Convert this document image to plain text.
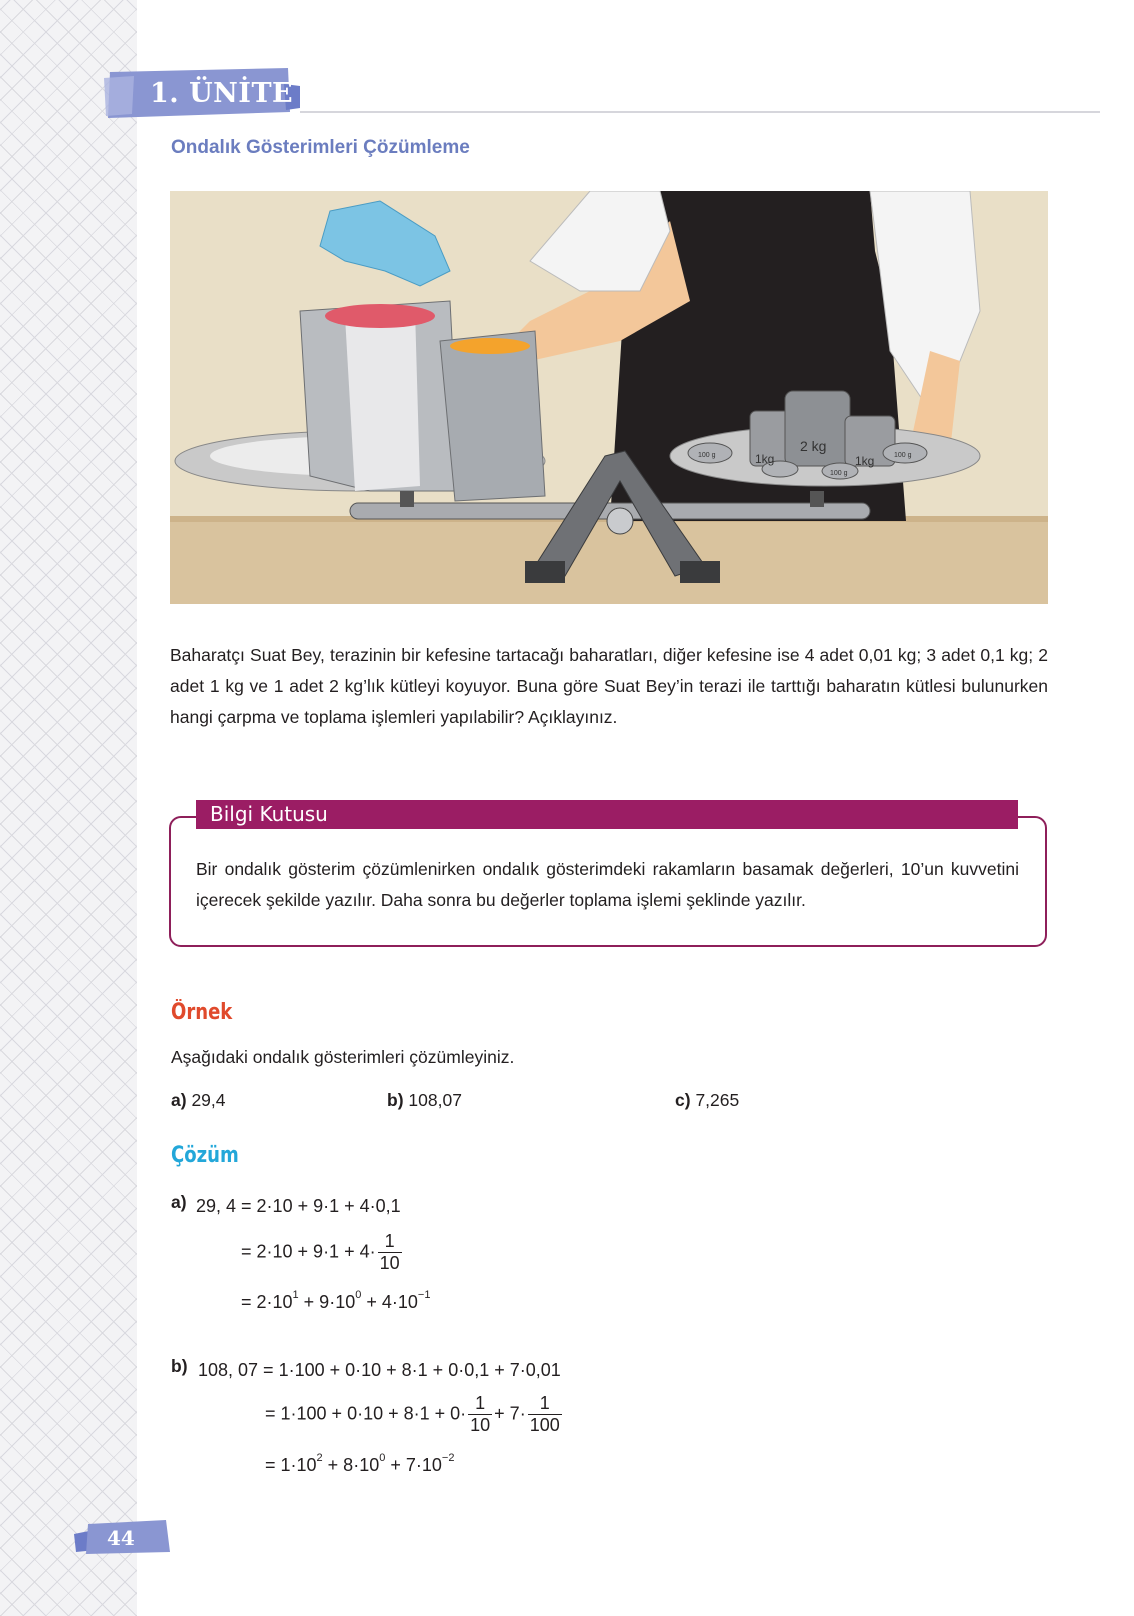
1. ÜNİTE
Ondalık Gösterimleri Çözümleme
2 kg
1kg	1kg
100 g	100 g
100 g
Baharatçı Suat Bey, terazinin bir kefesine tartacağı baharatları, diğer kefesine ise 4 adet 0,01 kg; 3 adet 0,1 kg; 2 adet 1 kg ve 1 adet 2 kg’lık kütleyi koyuyor. Buna göre Suat Bey’in terazi ile tarttığı baharatın kütlesi bulunurken hangi çarpma ve toplama işlemleri yapılabilir? Açıklayınız.
Bilgi Kutusu
Bir ondalık gösterim çözümlenirken ondalık gösterimdeki rakamların basamak değerleri, 10’un kuvvetini içerecek şekilde yazılır. Daha sonra bu değerler toplama işlemi şeklinde yazılır.
Örnek
Aşağıdaki ondalık gösterimleri çözümleyiniz.
a) 29,4	b) 108,07	c) 7,265
Çözüm
a) 29, 4 = 2·10 + 9·1 + 4·0,1
= $2\cdot 10 + 9\cdot 1 + 4\cdot \frac{1}{10}$
= $2\cdot 10^1 + 9\cdot 10^0 + 4\cdot 10^{-1}$
b) 108, 07 = 1·100 + 0·10 + 8·1 + 0·0,1 + 7·0,01
= $1\cdot 100 + 0\cdot 10 + 8\cdot 1 + 0\cdot \frac{1}{10} + 7\cdot \frac{1}{100}$
= $1\cdot 10^2 + 8\cdot 10^0 + 7\cdot 10^{-2}$
44
